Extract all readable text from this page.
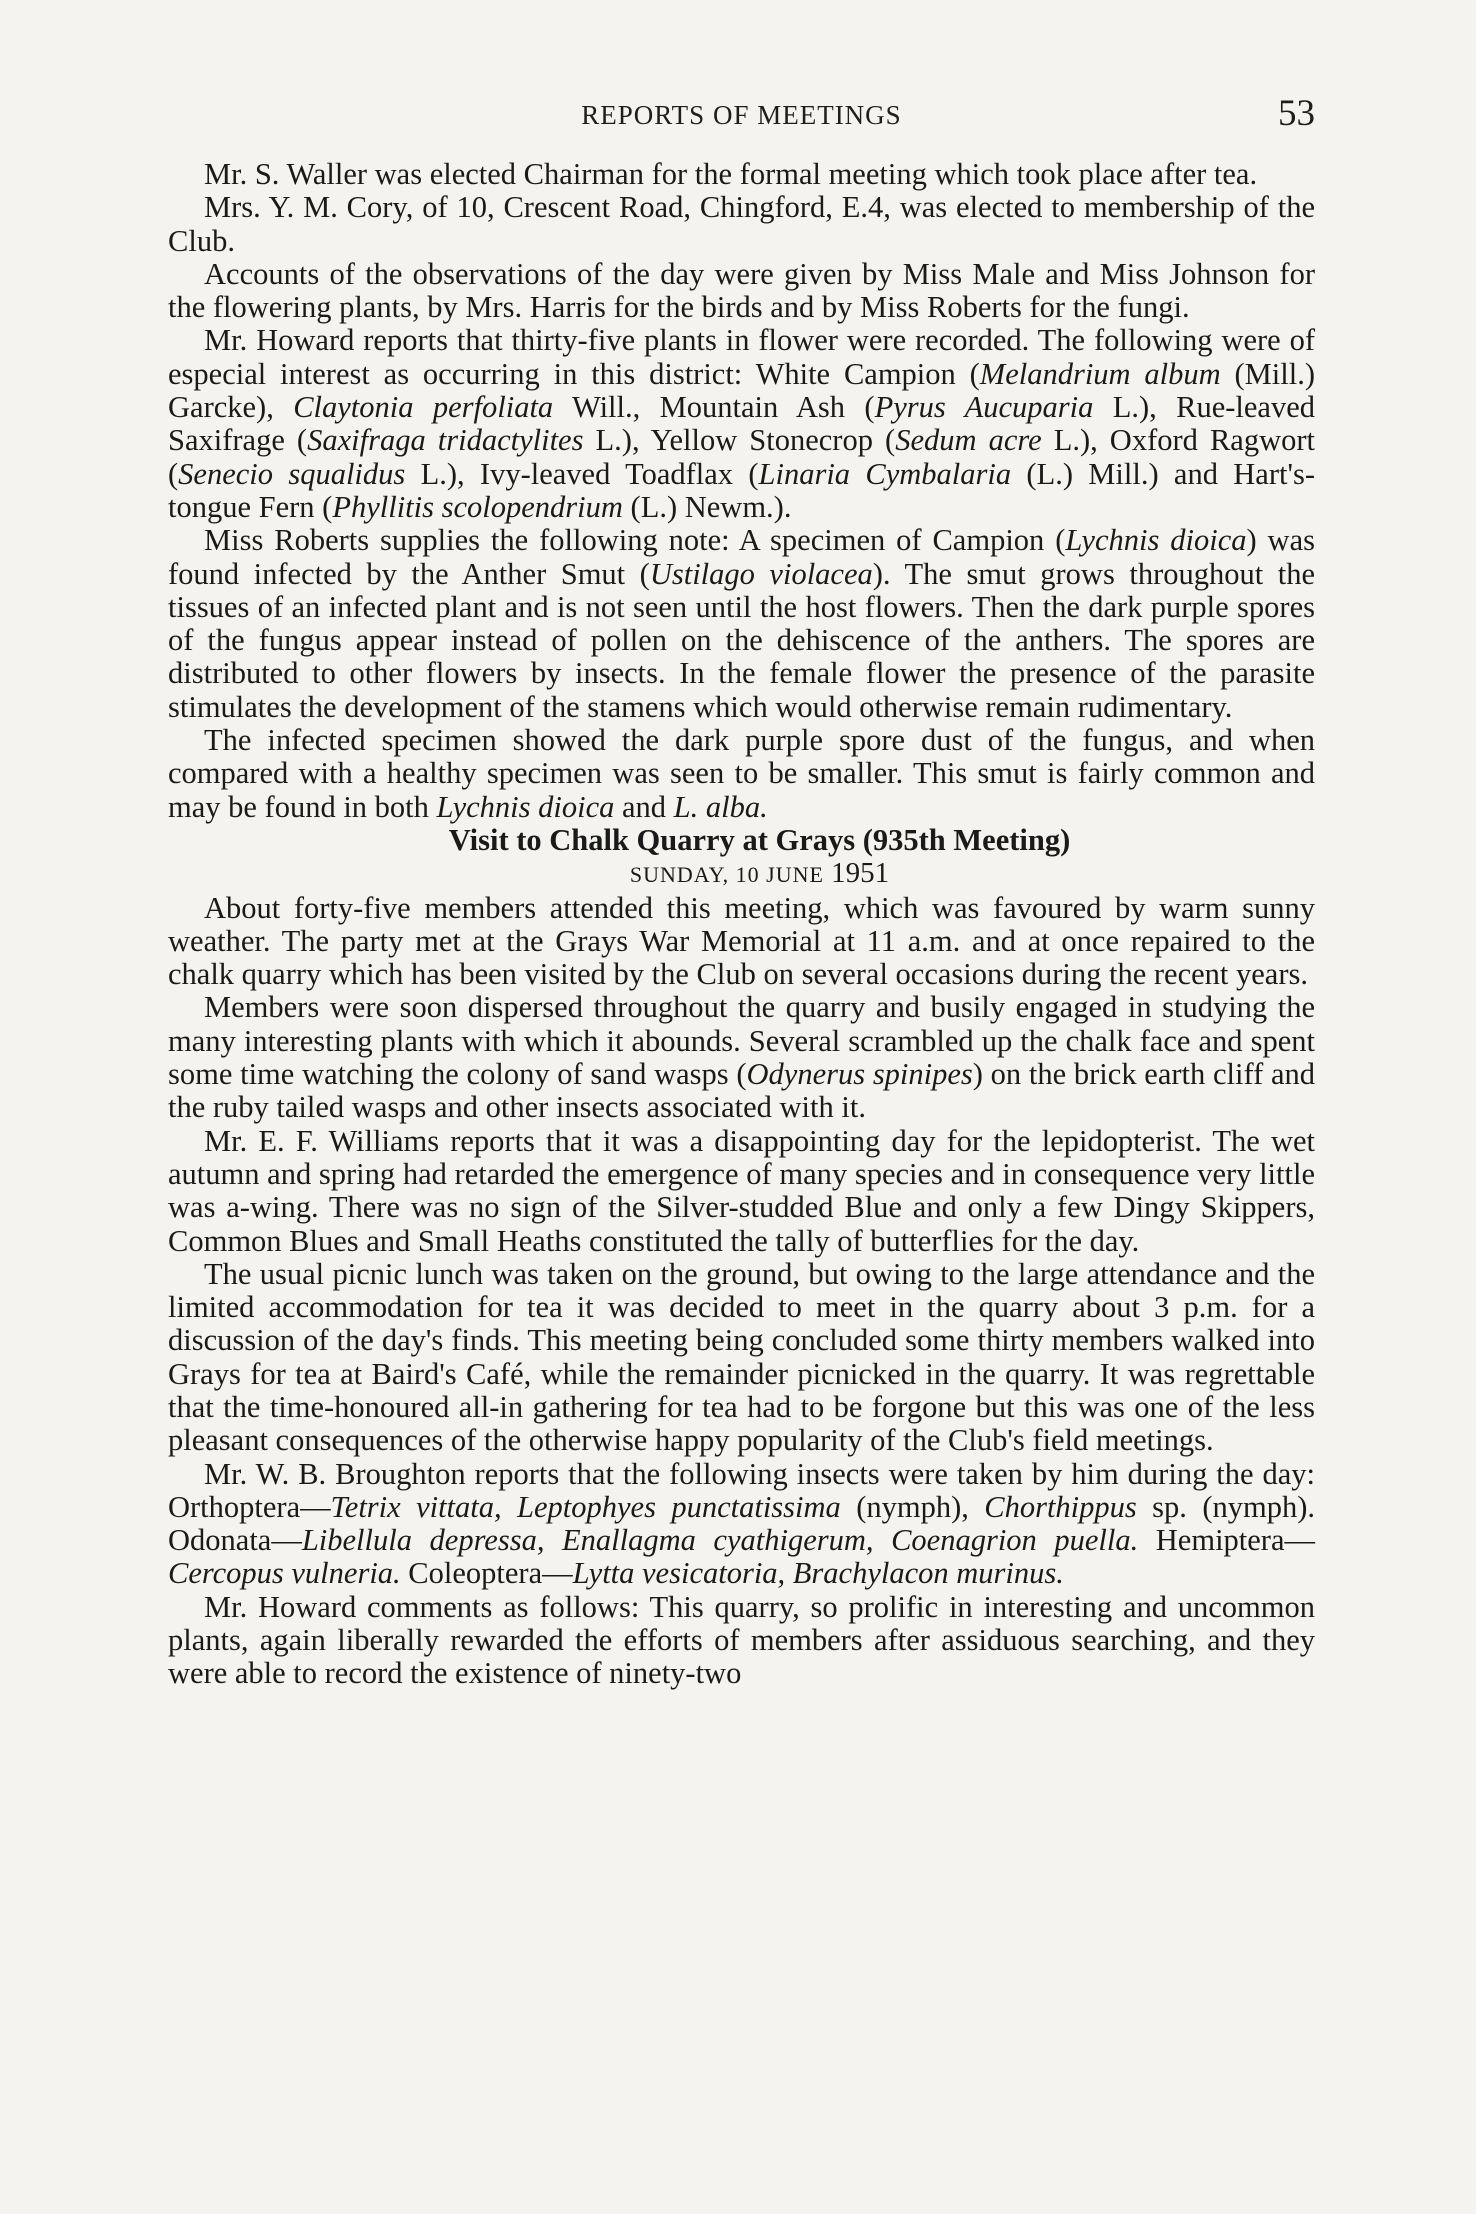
REPORTS OF MEETINGS	53

Mr. S. Waller was elected Chairman for the formal meeting which took place after tea.

Mrs. Y. M. Cory, of 10, Crescent Road, Chingford, E.4, was elected to membership of the Club.

Accounts of the observations of the day were given by Miss Male and Miss Johnson for the flowering plants, by Mrs. Harris for the birds and by Miss Roberts for the fungi.

Mr. Howard reports that thirty-five plants in flower were recorded. The following were of especial interest as occurring in this district: White Campion (Melandrium album (Mill.) Garcke), Claytonia perfoliata Will., Mountain Ash (Pyrus Aucuparia L.), Rue-leaved Saxifrage (Saxifraga tridactylites L.), Yellow Stonecrop (Sedum acre L.), Oxford Ragwort (Senecio squalidus L.), Ivy-leaved Toadflax (Linaria Cymbalaria (L.) Mill.) and Hart's-tongue Fern (Phyllitis scolopendrium (L.) Newm.).

Miss Roberts supplies the following note: A specimen of Campion (Lychnis dioica) was found infected by the Anther Smut (Ustilago violacea). The smut grows throughout the tissues of an infected plant and is not seen until the host flowers. Then the dark purple spores of the fungus appear instead of pollen on the dehiscence of the anthers. The spores are distributed to other flowers by insects. In the female flower the presence of the parasite stimulates the development of the stamens which would otherwise remain rudimentary.

The infected specimen showed the dark purple spore dust of the fungus, and when compared with a healthy specimen was seen to be smaller. This smut is fairly common and may be found in both Lychnis dioica and L. alba.

Visit to Chalk Quarry at Grays (935th Meeting)

SUNDAY, 10 JUNE 1951

About forty-five members attended this meeting, which was favoured by warm sunny weather. The party met at the Grays War Memorial at 11 a.m. and at once repaired to the chalk quarry which has been visited by the Club on several occasions during the recent years.

Members were soon dispersed throughout the quarry and busily engaged in studying the many interesting plants with which it abounds. Several scrambled up the chalk face and spent some time watching the colony of sand wasps (Odynerus spinipes) on the brick earth cliff and the ruby tailed wasps and other insects associated with it.

Mr. E. F. Williams reports that it was a disappointing day for the lepidopterist. The wet autumn and spring had retarded the emergence of many species and in consequence very little was a-wing. There was no sign of the Silver-studded Blue and only a few Dingy Skippers, Common Blues and Small Heaths constituted the tally of butterflies for the day.

The usual picnic lunch was taken on the ground, but owing to the large attendance and the limited accommodation for tea it was decided to meet in the quarry about 3 p.m. for a discussion of the day's finds. This meeting being concluded some thirty members walked into Grays for tea at Baird's Café, while the remainder picnicked in the quarry. It was regrettable that the time-honoured all-in gathering for tea had to be forgone but this was one of the less pleasant consequences of the otherwise happy popularity of the Club's field meetings.

Mr. W. B. Broughton reports that the following insects were taken by him during the day: Orthoptera—Tetrix vittata, Leptophyes punctatissima (nymph), Chorthippus sp. (nymph). Odonata—Libellula depressa, Enallagma cyathigerum, Coenagrion puella. Hemiptera—Cercopus vulneria. Coleoptera—Lytta vesicatoria, Brachylacon murinus.

Mr. Howard comments as follows: This quarry, so prolific in interesting and uncommon plants, again liberally rewarded the efforts of members after assiduous searching, and they were able to record the existence of ninety-two
